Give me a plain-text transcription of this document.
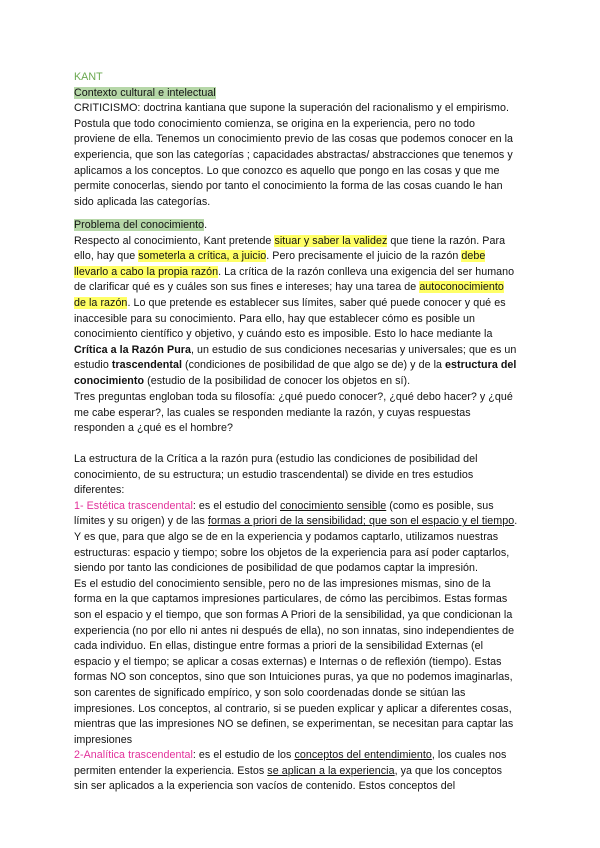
KANT
Contexto cultural e intelectual
CRITICISMO: doctrina kantiana que supone la superación del racionalismo y el empirismo.
Postula que todo conocimiento comienza, se origina en la experiencia, pero no todo
proviene de ella. Tenemos un conocimiento previo de las cosas que podemos conocer en la
experiencia, que son las categorías ; capacidades abstractas/ abstracciones que tenemos y
aplicamos a los conceptos. Lo que conozco es aquello que pongo en las cosas y que me
permite conocerlas, siendo por tanto el conocimiento la forma de las cosas cuando le han
sido aplicada las categorías.
Problema del conocimiento.
Respecto al conocimiento, Kant pretende situar y saber la validez que tiene la razón. Para
ello, hay que someterla a crítica, a juicio. Pero precisamente el juicio de la razón debe
llevarlo a cabo la propia razón. La crítica de la razón conlleva una exigencia del ser humano
de clarificar qué es y cuáles son sus fines e intereses; hay una tarea de autoconocimiento
de la razón. Lo que pretende es establecer sus límites, saber qué puede conocer y qué es
inaccesible para su conocimiento. Para ello, hay que establecer cómo es posible un
conocimiento científico y objetivo, y cuándo esto es imposible. Esto lo hace mediante la
Crítica a la Razón Pura, un estudio de sus condiciones necesarias y universales; que es un
estudio trascendental (condiciones de posibilidad de que algo se de) y de la estructura del
conocimiento (estudio de la posibilidad de conocer los objetos en sí).
Tres preguntas engloban toda su filosofía: ¿qué puedo conocer?, ¿qué debo hacer? y ¿qué
me cabe esperar?, las cuales se responden mediante la razón, y cuyas respuestas
responden a ¿qué es el hombre?
La estructura de la Crítica a la razón pura (estudio las condiciones de posibilidad del
conocimiento, de su estructura; un estudio trascendental) se divide en tres estudios
diferentes:
1- Estética trascendental: es el estudio del conocimiento sensible (como es posible, sus
límites y su origen) y de las formas a priori de la sensibilidad; que son el espacio y el tiempo.
Y es que, para que algo se de en la experiencia y podamos captarlo, utilizamos nuestras
estructuras: espacio y tiempo; sobre los objetos de la experiencia para así poder captarlos,
siendo por tanto las condiciones de posibilidad de que podamos captar la impresión.
Es el estudio del conocimiento sensible, pero no de las impresiones mismas, sino de la
forma en la que captamos impresiones particulares, de cómo las percibimos. Estas formas
son el espacio y el tiempo, que son formas A Priori de la sensibilidad, ya que condicionan la
experiencia (no por ello ni antes ni después de ella), no son innatas, sino independientes de
cada individuo. En ellas, distingue entre formas a priori de la sensibilidad Externas (el
espacio y el tiempo; se aplicar a cosas externas) e Internas o de reflexión (tiempo). Estas
formas NO son conceptos, sino que son Intuiciones puras, ya que no podemos imaginarlas,
son carentes de significado empírico, y son solo coordenadas donde se sitúan las
impresiones. Los conceptos, al contrario, si se pueden explicar y aplicar a diferentes cosas,
mientras que las impresiones NO se definen, se experimentan, se necesitan para captar las
impresiones
2-Analítica trascendental: es el estudio de los conceptos del entendimiento, los cuales nos
permiten entender la experiencia. Estos se aplican a la experiencia, ya que los conceptos
sin ser aplicados a la experiencia son vacíos de contenido. Estos conceptos del
